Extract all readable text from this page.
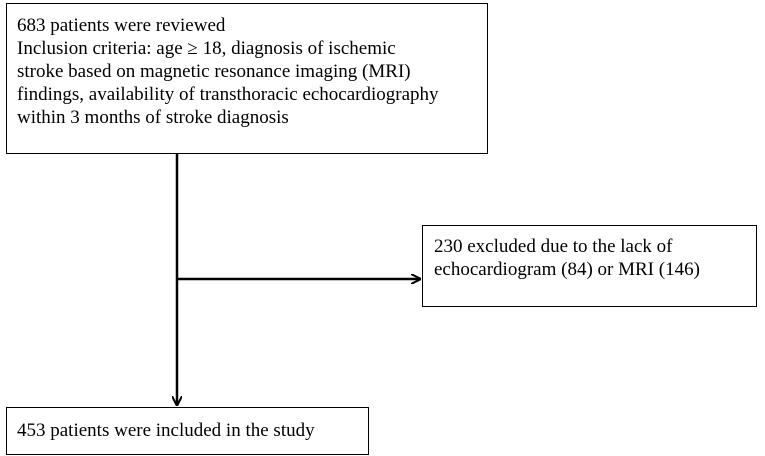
683 patients were reviewed
Inclusion criteria: age ≥ 18, diagnosis of ischemic
stroke based on magnetic resonance imaging (MRI)
findings, availability of transthoracic echocardiography
within 3 months of stroke diagnosis
230 excluded due to the lack of
echocardiogram (84) or MRI (146)
453 patients were included in the study
